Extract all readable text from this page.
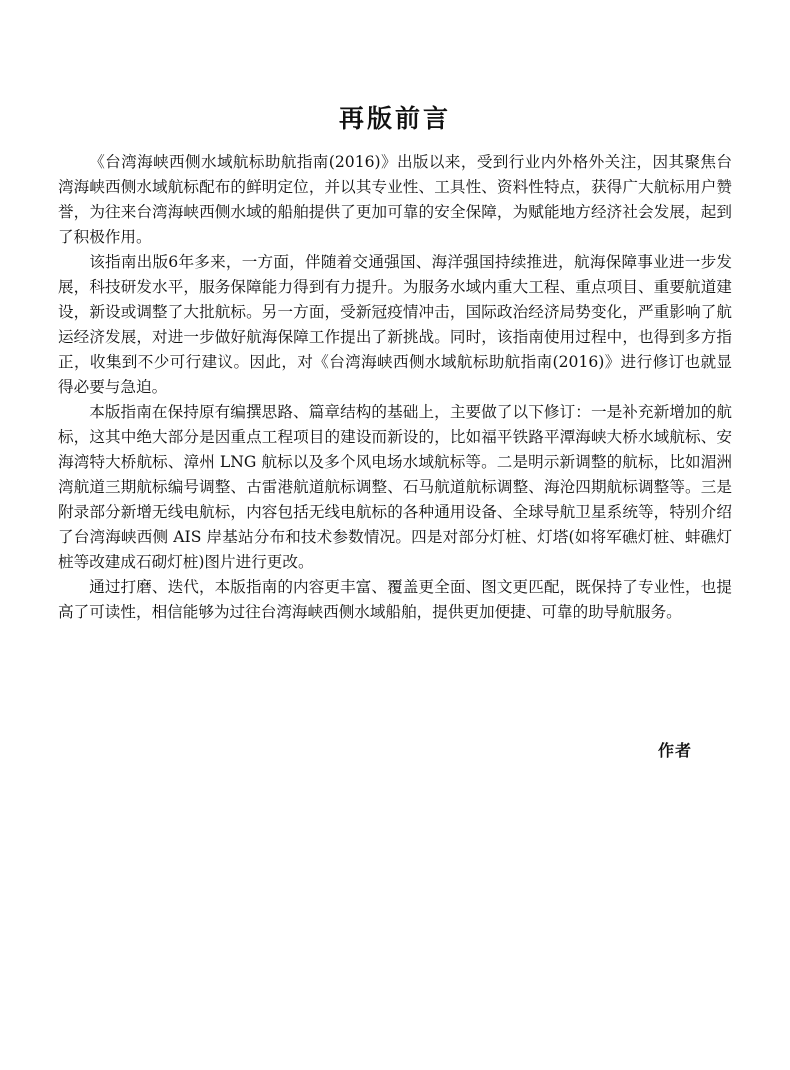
再版前言

《台湾海峡西侧水域航标助航指南(2016)》出版以来，受到行业内外格外关注，因其聚焦台湾海峡西侧水域航标配布的鲜明定位，并以其专业性、工具性、资料性特点，获得广大航标用户赞誉，为往来台湾海峡西侧水域的船舶提供了更加可靠的安全保障，为赋能地方经济社会发展，起到了积极作用。

该指南出版6年多来，一方面，伴随着交通强国、海洋强国持续推进，航海保障事业进一步发展，科技研发水平，服务保障能力得到有力提升。为服务水域内重大工程、重点项目、重要航道建设，新设或调整了大批航标。另一方面，受新冠疫情冲击，国际政治经济局势变化，严重影响了航运经济发展，对进一步做好航海保障工作提出了新挑战。同时，该指南使用过程中，也得到多方指正，收集到不少可行建议。因此，对《台湾海峡西侧水域航标助航指南(2016)》进行修订也就显得必要与急迫。

本版指南在保持原有编撰思路、篇章结构的基础上，主要做了以下修订：一是补充新增加的航标，这其中绝大部分是因重点工程项目的建设而新设的，比如福平铁路平潭海峡大桥水域航标、安海湾特大桥航标、漳州 LNG 航标以及多个风电场水域航标等。二是明示新调整的航标，比如湄洲湾航道三期航标编号调整、古雷港航道航标调整、石马航道航标调整、海沧四期航标调整等。三是附录部分新增无线电航标，内容包括无线电航标的各种通用设备、全球导航卫星系统等，特别介绍了台湾海峡西侧 AIS 岸基站分布和技术参数情况。四是对部分灯桩、灯塔(如将军礁灯桩、蚌礁灯桩等改建成石砌灯桩)图片进行更改。

通过打磨、迭代，本版指南的内容更丰富、覆盖更全面、图文更匹配，既保持了专业性，也提高了可读性，相信能够为过往台湾海峡西侧水域船舶，提供更加便捷、可靠的助导航服务。

作者
